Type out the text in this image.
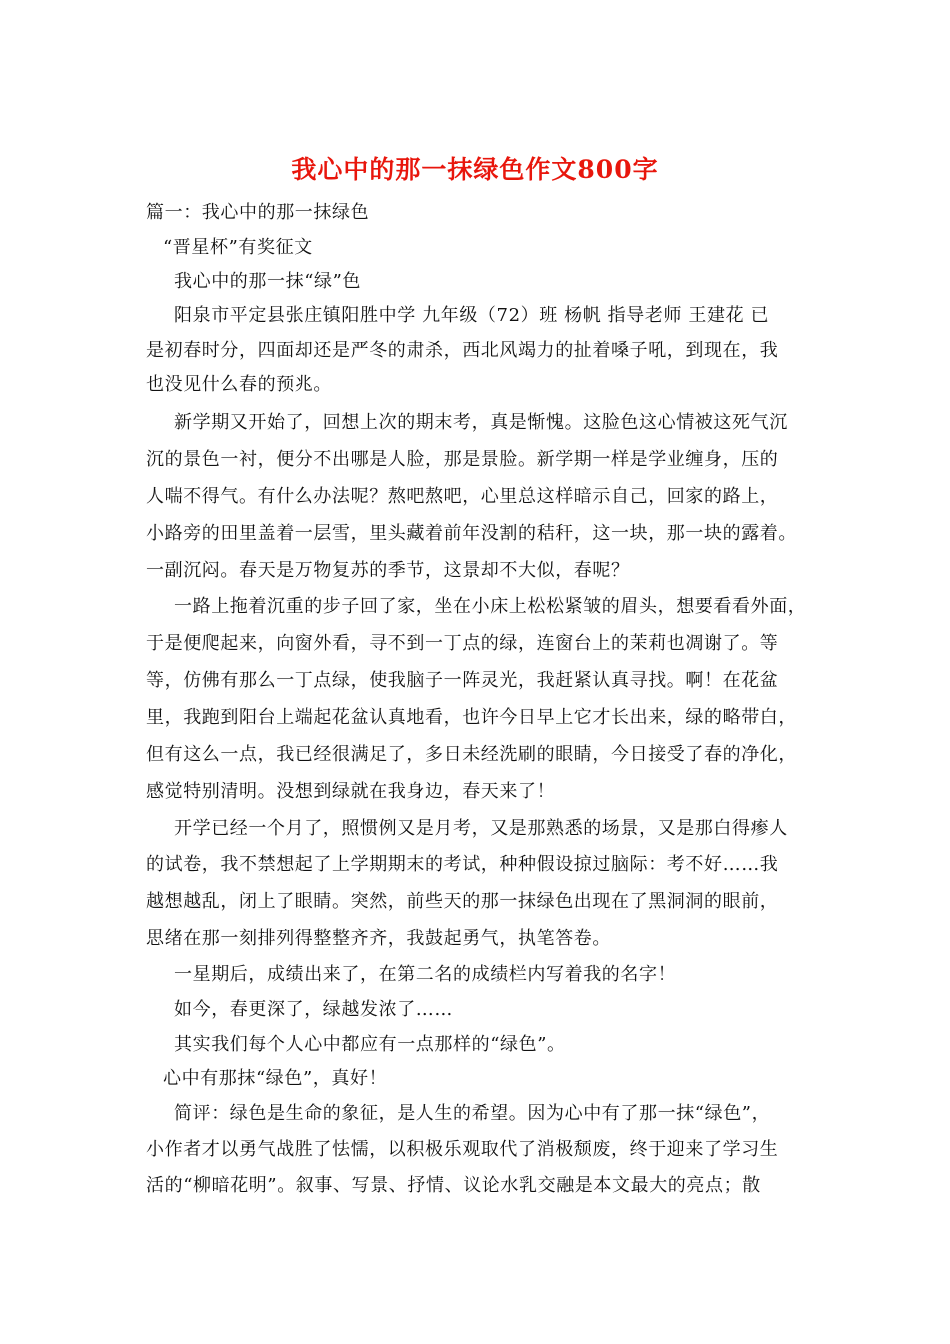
我心中的那一抹绿色作文800字
篇一：我心中的那一抹绿色
“晋星杯”有奖征文
我心中的那一抹“绿”色
阳泉市平定县张庄镇阳胜中学 九年级（72）班 杨帆 指导老师 王建花 已
是初春时分，四面却还是严冬的肃杀，西北风竭力的扯着嗓子吼，到现在，我
也没见什么春的预兆。
新学期又开始了，回想上次的期末考，真是惭愧。这脸色这心情被这死气沉
沉的景色一衬，便分不出哪是人脸，那是景脸。新学期一样是学业缠身，压的
人喘不得气。有什么办法呢？熬吧熬吧，心里总这样暗示自己，回家的路上，
小路旁的田里盖着一层雪，里头藏着前年没割的秸秆，这一块，那一块的露着。
一副沉闷。春天是万物复苏的季节，这景却不大似，春呢？
一路上拖着沉重的步子回了家，坐在小床上松松紧皱的眉头，想要看看外面，
于是便爬起来，向窗外看，寻不到一丁点的绿，连窗台上的茉莉也凋谢了。等
等，仿佛有那么一丁点绿，使我脑子一阵灵光，我赶紧认真寻找。啊！在花盆
里，我跑到阳台上端起花盆认真地看，也许今日早上它才长出来，绿的略带白，
但有这么一点，我已经很满足了，多日未经洗刷的眼睛，今日接受了春的净化，
感觉特别清明。没想到绿就在我身边，春天来了！
开学已经一个月了，照惯例又是月考，又是那熟悉的场景，又是那白得瘆人
的试卷，我不禁想起了上学期期末的考试，种种假设掠过脑际：考不好……我
越想越乱，闭上了眼睛。突然，前些天的那一抹绿色出现在了黑洞洞的眼前，
思绪在那一刻排列得整整齐齐，我鼓起勇气，执笔答卷。
一星期后，成绩出来了，在第二名的成绩栏内写着我的名字！
如今，春更深了，绿越发浓了……
其实我们每个人心中都应有一点那样的“绿色”。
心中有那抹“绿色”，真好！
简评：绿色是生命的象征，是人生的希望。因为心中有了那一抹“绿色”，
小作者才以勇气战胜了怯懦，以积极乐观取代了消极颓废，终于迎来了学习生
活的“柳暗花明”。叙事、写景、抒情、议论水乳交融是本文最大的亮点；散
